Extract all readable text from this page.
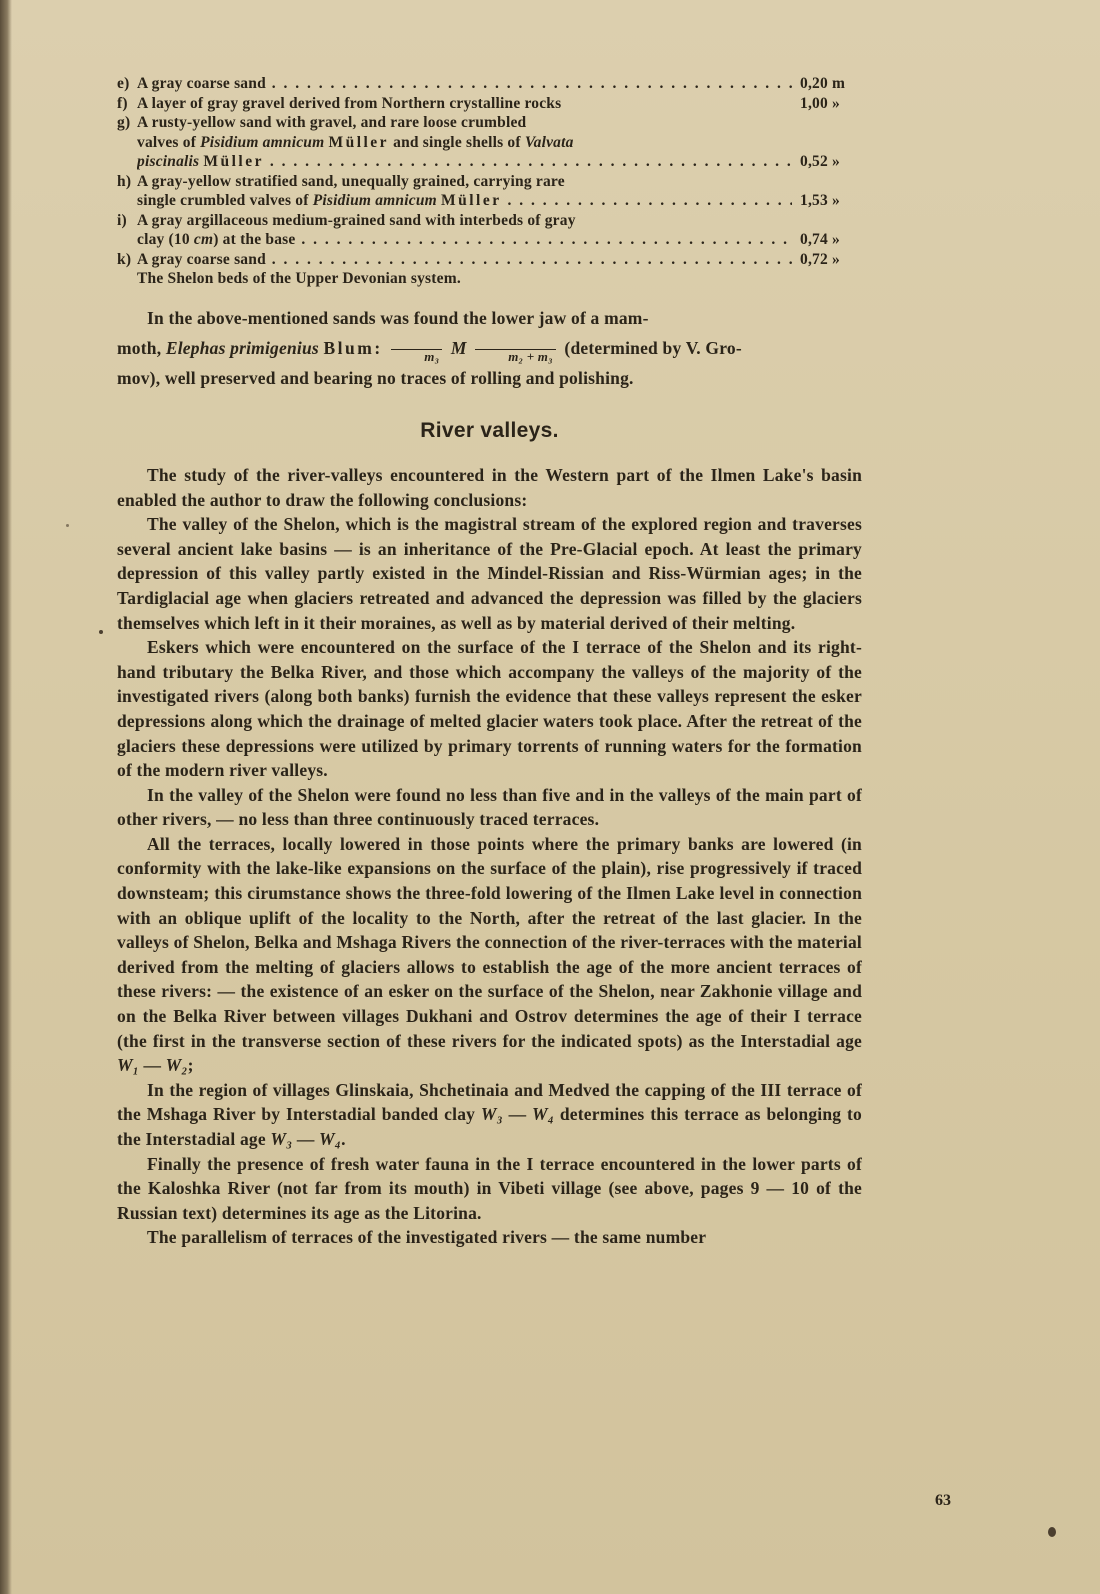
e) A gray coarse sand . . .	0,20 m
f) A layer of gray gravel derived from Northern crystalline rocks	1,00 »
g) A rusty-yellow sand with gravel, and rare loose crumbled
valves of Pisidium amnicum Müller and single shells of Valvata
piscinalis Müller . . .	0,52 »
h) A gray-yellow stratified sand, unequally grained, carrying rare
single crumbled valves of Pisidium amnicum Müller . . .	1,53 »
i) A gray argillaceous medium-grained sand with interbeds of gray
clay (10 cm) at the base . . .	0,74 »
k) A gray coarse sand . . .	0,72 »
The Shelon beds of the Upper Devonian system.

In the above-mentioned sands was found the lower jaw of a mam-
moth, Elephas primigenius Blum:
	m₃ M
	m₂ + m₃ (determined by V. Gro-
mov), well preserved and bearing no traces of rolling and polishing.

River valleys.

The study of the river-valleys encountered in the Western part of the Ilmen Lake's basin enabled the author to draw the following conclusions:

The valley of the Shelon, which is the magistral stream of the explored region and traverses several ancient lake basins — is an inheritance of the Pre-Glacial epoch. At least the primary depression of this valley partly existed in the Mindel-Rissian and Riss-Würmian ages; in the Tardiglacial age when glaciers retreated and advanced the depression was filled by the glaciers themselves which left in it their moraines, as well as by material derived of their melting.

Eskers which were encountered on the surface of the I terrace of the Shelon and its right-hand tributary the Belka River, and those which accompany the valleys of the majority of the investigated rivers (along both banks) furnish the evidence that these valleys represent the esker depressions along which the drainage of melted glacier waters took place. After the retreat of the glaciers these depressions were utilized by primary torrents of running waters for the formation of the modern river valleys.

In the valley of the Shelon were found no less than five and in the valleys of the main part of other rivers, — no less than three continuously traced terraces.

All the terraces, locally lowered in those points where the primary banks are lowered (in conformity with the lake-like expansions on the surface of the plain), rise progressively if traced downsteam; this cirumstance shows the three-fold lowering of the Ilmen Lake level in connection with an oblique uplift of the locality to the North, after the retreat of the last glacier. In the valleys of Shelon, Belka and Mshaga Rivers the connection of the river-terraces with the material derived from the melting of glaciers allows to establish the age of the more ancient terraces of these rivers: — the existence of an esker on the surface of the Shelon, near Zakhonie village and on the Belka River between villages Dukhani and Ostrov determines the age of their I terrace (the first in the transverse section of these rivers for the indicated spots) as the Interstadial age W₁ — W₂;

In the region of villages Glinskaia, Shchetinaia and Medved the capping of the III terrace of the Mshaga River by Interstadial banded clay W₃ — W₄ determines this terrace as belonging to the Interstadial age W₃ — W₄.

Finally the presence of fresh water fauna in the I terrace encountered in the lower parts of the Kaloshka River (not far from its mouth) in Vibeti village (see above, pages 9 — 10 of the Russian text) determines its age as the Litorina.

The parallelism of terraces of the investigated rivers — the same number

63
